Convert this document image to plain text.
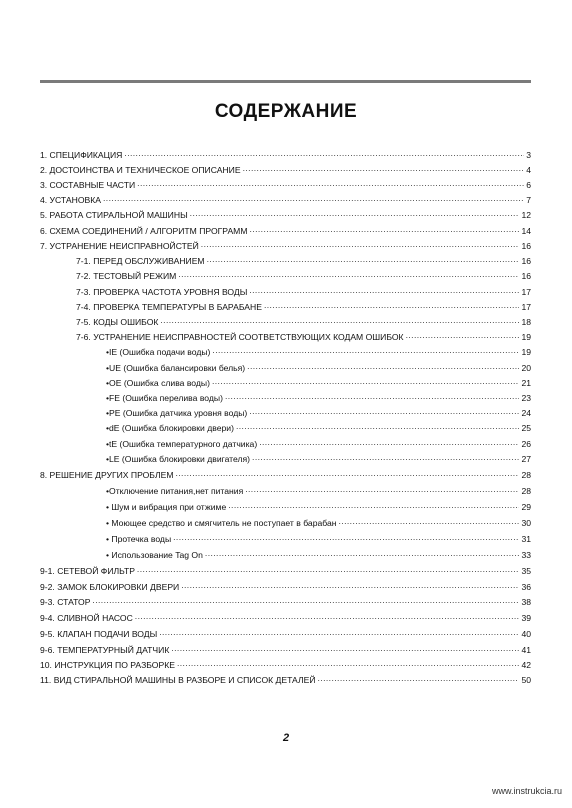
СОДЕРЖАНИЕ
1. СПЕЦИФИКАЦИЯ .....	3
2. ДОСТОИНСТВА И ТЕХНИЧЕСКОЕ ОПИСАНИЕ .....	4
3. СОСТАВНЫЕ ЧАСТИ .....	6
4. УСТАНОВКА .....	7
5. РАБОТА СТИРАЛЬНОЙ МАШИНЫ .....	12
6. СХЕМА СОЕДИНЕНИЙ / АЛГОРИТМ ПРОГРАММ .....	14
7. УСТРАНЕНИЕ НЕИСПРАВНОЙСТЕЙ .....	16
7-1. ПЕРЕД ОБСЛУЖИВАНИЕМ .....	16
7-2. ТЕСТОВЫЙ РЕЖИМ .....	16
7-3. ПРОВЕРКА ЧАСТОТА УРОВНЯ ВОДЫ .....	17
7-4. ПРОВЕРКА ТЕМПЕРАТУРЫ В БАРАБАНЕ .....	17
7-5. КОДЫ ОШИБОК .....	18
7-6. УСТРАНЕНИЕ НЕИСПРАВНОСТЕЙ СООТВЕТСТВУЮЩИХ КОДАМ ОШИБОК .....	19
•IE (Ошибка подачи воды) .....	19
•UE (Ошибка балансировки белья) .....	20
•OE (Ошибка слива воды) .....	21
•FE (Ошибка перелива воды) .....	23
•PE (Ошибка датчика уровня воды) .....	24
•dE (Ошибка блокировки двери) .....	25
•tE (Ошибка температурного датчика) .....	26
•LE (Ошибка блокировки двигателя) .....	27
8. РЕШЕНИЕ ДРУГИХ ПРОБЛЕМ .....	28
•Отключение питания,нет питания .....	28
• Шум и вибрация при отжиме .....	29
• Моющее средство и смягчитель не поступает в барабан .....	30
• Протечка воды .....	31
• Использование Tag On .....	33
9-1. СЕТЕВОЙ ФИЛЬТР .....	35
9-2. ЗАМОК БЛОКИРОВКИ ДВЕРИ .....	36
9-3. СТАТОР .....	38
9-4. СЛИВНОЙ НАСОС .....	39
9-5. КЛАПАН ПОДАЧИ ВОДЫ .....	40
9-6. ТЕМПЕРАТУРНЫЙ ДАТЧИК .....	41
10. ИНСТРУКЦИЯ ПО РАЗБОРКЕ .....	42
11. ВИД СТИРАЛЬНОЙ МАШИНЫ В РАЗБОРЕ И СПИСОК ДЕТАЛЕЙ .....	50
2
www.instrukcia.ru
